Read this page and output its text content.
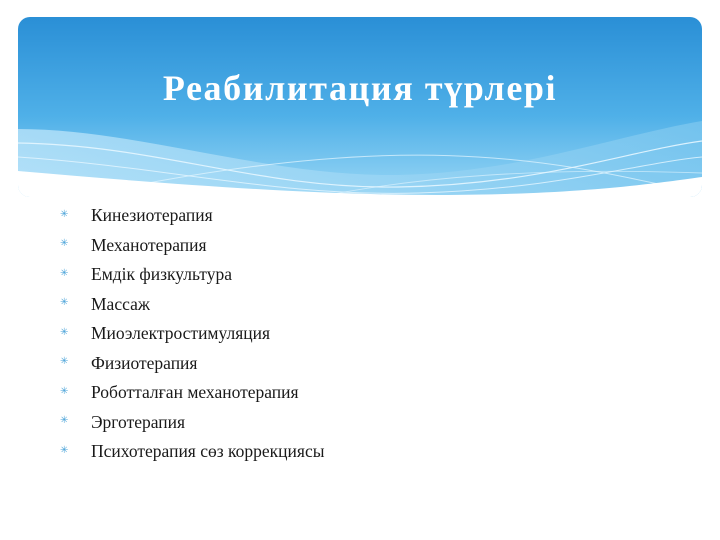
Реабилитация түрлері
✳ Кинезиотерапия
✳ Механотерапия
✳ Емдік физкультура
✳ Массаж
✳ Миоэлектростимуляция
✳ Физиотерапия
✳ Роботталған механотерапия
✳ Эрготерапия
✳ Психотерапия сөз коррекциясы
